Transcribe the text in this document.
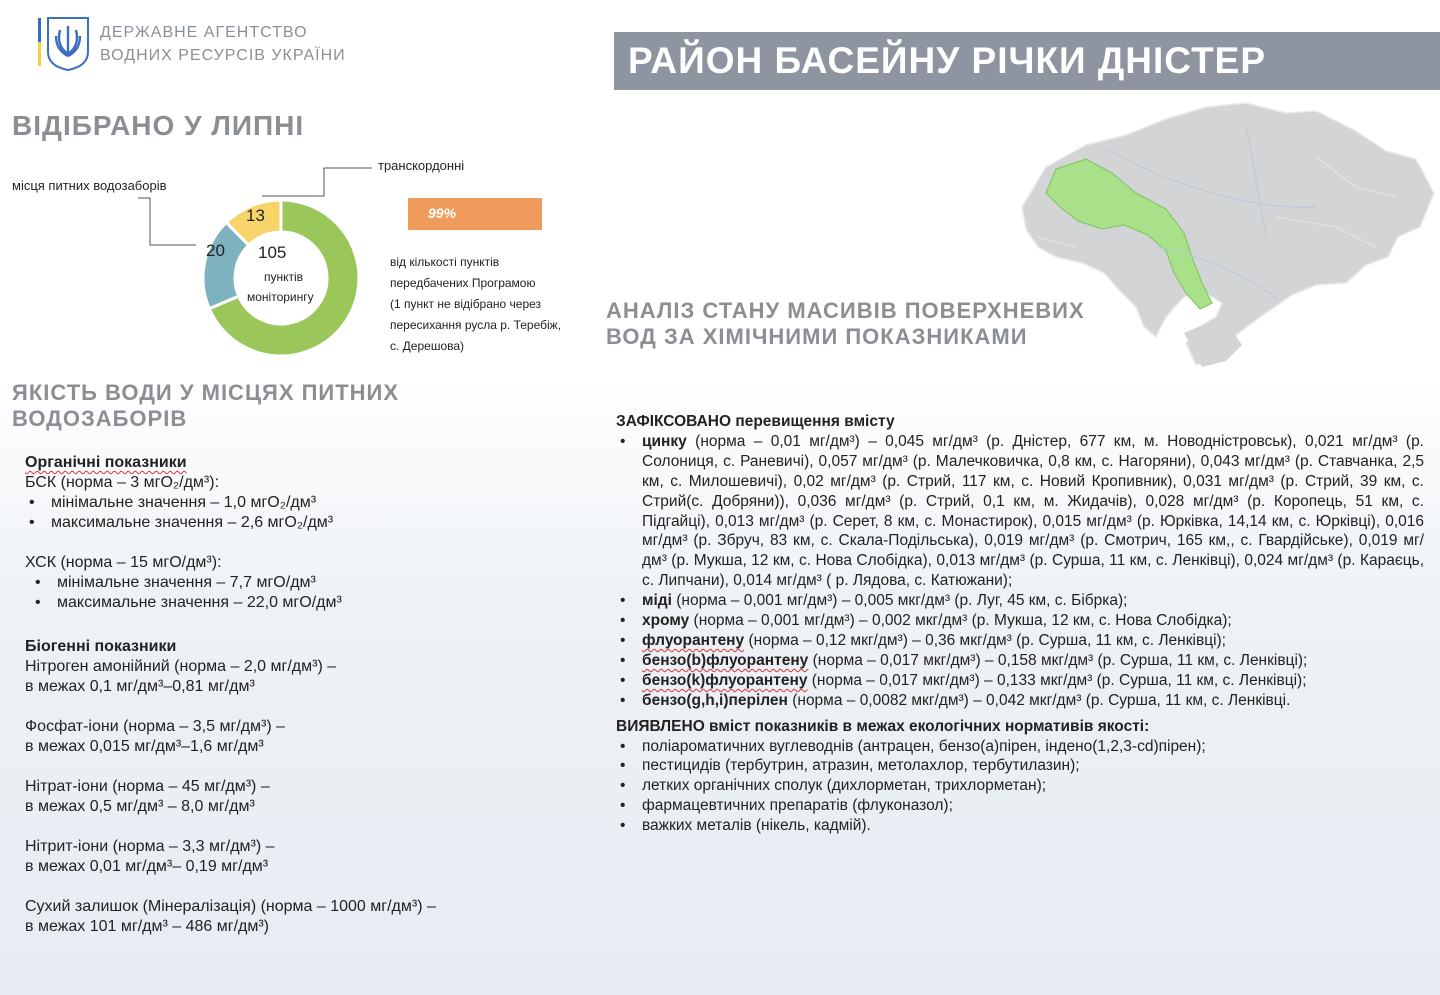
ДЕРЖАВНЕ АГЕНТСТВО
ВОДНИХ РЕСУРСІВ УКРАЇНИ	РАЙОН БАСЕЙНУ РІЧКИ ДНІСТЕР
ВІДІБРАНО У ЛИПНІ
місця питних водозаборів
транскордонні
105
пунктів
моніторингу
20
13	99%
від кількості пунктів
передбачених Програмою
(1 пункт не відібрано через
пересихання русла р. Теребіж,
с. Дерешова)
АНАЛІЗ СТАНУ МАСИВІВ ПОВЕРХНЕВИХ
ВОД ЗА ХІМІЧНИМИ ПОКАЗНИКАМИ
ЯКІСТЬ ВОДИ У МІСЦЯХ ПИТНИХ
ВОДОЗАБОРІВ
Органічні показники
БСК (норма – 3 мгО₂/дм³):
• мінімальне значення – 1,0 мгО₂/дм³
• максимальне значення – 2,6 мгО₂/дм³
ХСК (норма – 15 мгО/дм³):
• мінімальне значення – 7,7 мгО/дм³
• максимальне значення – 22,0 мгО/дм³
Біогенні показники
Нітроген амонійний (норма – 2,0 мг/дм³) –
в межах 0,1 мг/дм³–0,81 мг/дм³
Фосфат-іони (норма – 3,5 мг/дм³) –
в межах 0,015 мг/дм³–1,6 мг/дм³
Нітрат-іони (норма – 45 мг/дм³) –
в межах 0,5 мг/дм³ – 8,0 мг/дм³
Нітрит-іони (норма – 3,3 мг/дм³) –
в межах 0,01 мг/дм³– 0,19 мг/дм³
Сухий залишок (Мінералізація) (норма – 1000 мг/дм³) –
в межах 101 мг/дм³ – 486 мг/дм³)
ЗАФІКСОВАНО перевищення вмісту
• цинку (норма – 0,01 мг/дм³) – 0,045 мг/дм³ (р. Дністер, 677 км, м. Новодністровськ), 0,021 мг/дм³ (р. Солониця, с. Раневичі), 0,057 мг/дм³ (р. Малечковичка, 0,8 км, с. Нагоряни), 0,043 мг/дм³ (р. Ставчанка, 2,5 км, с. Милошевичі), 0,02 мг/дм³ (р. Стрий, 117 км, с. Новий Кропивник), 0,031 мг/дм³ (р. Стрий, 39 км, с. Стрий(с. Добряни)), 0,036 мг/дм³ (р. Стрий, 0,1 км, м. Жидачів), 0,028 мг/дм³ (р. Коропець, 51 км, с. Підгайці), 0,013 мг/дм³ (р. Серет, 8 км, с. Монастирок), 0,015 мг/дм³ (р. Юрківка, 14,14 км, с. Юрківці), 0,016 мг/дм³ (р. Збруч, 83 км, с. Скала-Подільська), 0,019 мг/дм³ (р. Смотрич, 165 км,, с. Гвардійське), 0,019 мг/дм³ (р. Мукша, 12 км, с. Нова Слобідка), 0,013 мг/дм³ (р. Сурша, 11 км, с. Ленківці), 0,024 мг/дм³ (р. Караєць, с. Липчани), 0,014 мг/дм³ ( р. Лядова, с. Катюжани);
• міді (норма – 0,001 мг/дм³) – 0,005 мкг/дм³ (р. Луг, 45 км, с. Бібрка);
• хрому (норма – 0,001 мг/дм³) – 0,002 мкг/дм³ (р. Мукша, 12 км, с. Нова Слобідка);
• флуорантену (норма – 0,12 мкг/дм³) – 0,36 мкг/дм³ (р. Сурша, 11 км, с. Ленківці);
• бензо(b)флуорантену (норма – 0,017 мкг/дм³) – 0,158 мкг/дм³ (р. Сурша, 11 км, с. Ленківці);
• бензо(k)флуорантену (норма – 0,017 мкг/дм³) – 0,133 мкг/дм³ (р. Сурша, 11 км, с. Ленківці);
• бензо(g,h,i)перілен (норма – 0,0082 мкг/дм³) – 0,042 мкг/дм³ (р. Сурша, 11 км, с. Ленківці.
ВИЯВЛЕНО вміст показників в межах екологічних нормативів якості:
• поліароматичних вуглеводнів (антрацен, бензо(а)пірен, індено(1,2,3-cd)пірен);
• пестицидів (тербутрин, атразин, метолахлор, тербутилазин);
• летких органічних сполук (дихлорметан, трихлорметан);
• фармацевтичних препаратів (флуконазол);
• важких металів (нікель, кадмій).
